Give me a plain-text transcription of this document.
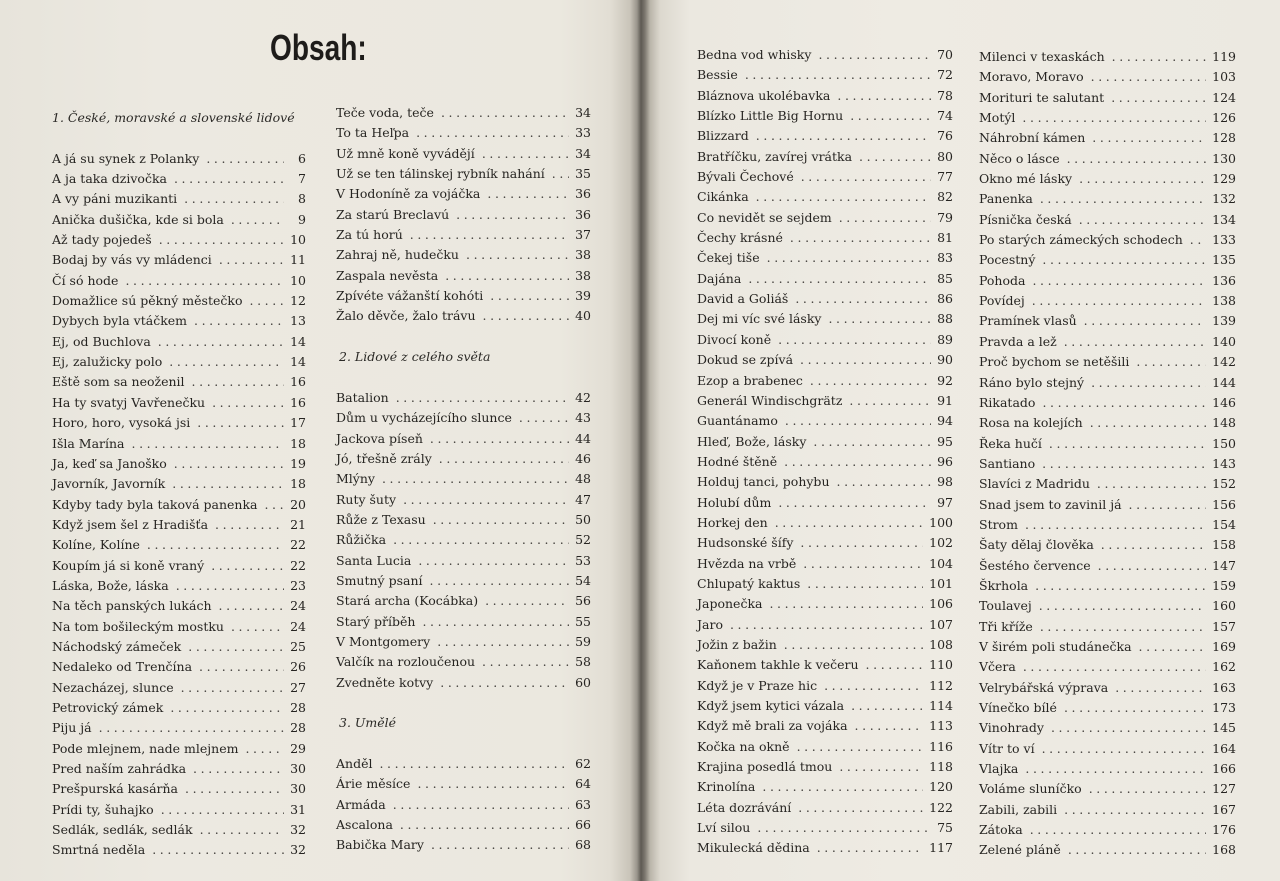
Obsah:
1. České, moravské a slovenské lidové
A já su synek z Polanky .....	6
A ja taka dzivočka .....	7
A vy páni muzikanti .....	8
Anička dušička, kde si bola .....	9
Až tady pojedeš .....	10
Bodaj by vás vy mládenci .....	11
Čí só hode .....	10
Domažlice sú pěkný městečko .....	12
Dybych byla vtáčkem .....	13
Ej, od Buchlova .....	14
Ej, zalužicky polo .....	14
Eště som sa neoženil .....	16
Ha ty svatyj Vavřenečku .....	16
Horo, horo, vysoká jsi .....	17
Išla Marína .....	18
Ja, keď sa Janoško .....	19
Javorník, Javorník .....	18
Kdyby tady byla taková panenka .....	20
Když jsem šel z Hradišťa .....	21
Kolíne, Kolíne .....	22
Koupím já si koně vraný .....	22
Láska, Bože, láska .....	23
Na těch panských lukách .....	24
Na tom bošileckým mostku .....	24
Náchodský zámeček .....	25
Nedaleko od Trenčína .....	26
Nezacházej, slunce .....	27
Petrovický zámek .....	28
Piju já .....	28
Pode mlejnem, nade mlejnem .....	29
Pred naším zahrádka .....	30
Prešpurská kasárňa .....	30
Prídi ty, šuhajko .....	31
Sedlák, sedlák, sedlák .....	32
Smrtná neděla .....	32
Teče voda, teče .....	34
To ta Heľpa .....	33
Už mně koně vyvádějí .....	34
Už se ten tálinskej rybník nahání ..... 35
V Hodoníně za vojáčka .....	36
Za starú Breclavú .....	36
Za tú horú .....	37
Zahraj ně, hudečku .....	38
Zaspala nevěsta .....	38
Zpívéte vážanští kohóti .....	39
Žalo děvče, žalo trávu .....	40
2. Lidové z celého světa
Batalion .....	42
Dům u vycházejícího slunce .....	43
Jackova píseň .....	44
Jó, třešně zrály .....	46
Mlýny .....	48
Ruty šuty .....	47
Růže z Texasu .....	50
Růžička .....	52
Santa Lucia .....	53
Smutný psaní .....	54
Stará archa (Kocábka) .....	56
Starý příběh .....	55
V Montgomery .....	59
Valčík na rozloučenou .....	58
Zvedněte kotvy .....	60
3. Umělé
Anděl .....	62
Árie měsíce .....	64
Armáda .....	63
Ascalona .....	66
Babička Mary .....	68
Bedna vod whisky .....	70
Bessie .....	72
Bláznova ukolébavka .....	78
Blízko Little Big Hornu .....	74
Blizzard .....	76
Bratříčku, zavírej vrátka .....	80
Bývali Čechové .....	77
Cikánka .....	82
Co nevidět se sejdem .....	79
Čechy krásné .....	81
Čekej tiše .....	83
Dajána .....	85
David a Goliáš .....	86
Dej mi víc své lásky .....	88
Divocí koně .....	89
Dokud se zpívá .....	90
Ezop a brabenec .....	92
Generál Windischgrätz .....	91
Guantánamo .....	94
Hleď, Bože, lásky .....	95
Hodné štěně .....	96
Holduj tanci, pohybu .....	98
Holubí dům .....	97
Horkej den .....	100
Hudsonské šífy .....	102
Hvězda na vrbě .....	104
Chlupatý kaktus .....	101
Japonečka .....	106
Jaro .....	107
Jožin z bažin .....	108
Kaňonem takhle k večeru .....	110
Když je v Praze hic .....	112
Když jsem kytici vázala .....	114
Když mě brali za vojáka .....	113
Kočka na okně .....	116
Krajina posedlá tmou .....	118
Krinolína .....	120
Léta dozrávání .....	122
Lví silou .....	75
Mikulecká dědina .....	117
Milenci v texaskách .....	119
Moravo, Moravo .....	103
Morituri te salutant .....	124
Motýl .....	126
Náhrobní kámen .....	128
Něco o lásce .....	130
Okno mé lásky .....	129
Panenka .....	132
Písnička česká .....	134
Po starých zámeckých schodech ..... 133
Pocestný .....	135
Pohoda .....	136
Povídej .....	138
Pramínek vlasů .....	139
Pravda a lež .....	140
Proč bychom se netěšili .....	142
Ráno bylo stejný .....	144
Rikatado .....	146
Rosa na kolejích .....	148
Řeka hučí .....	150
Santiano .....	143
Slavíci z Madridu .....	152
Snad jsem to zavinil já .....	156
Strom .....	154
Šaty dělaj člověka .....	158
Šestého července .....	147
Škrhola .....	159
Toulavej .....	160
Tři kříže .....	157
V širém poli studánečka .....	169
Včera .....	162
Velrybářská výprava .....	163
Vínečko bílé .....	173
Vinohrady .....	145
Vítr to ví .....	164
Vlajka .....	166
Voláme sluníčko .....	127
Zabili, zabili .....	167
Zátoka .....	176
Zelené pláně .....	168
